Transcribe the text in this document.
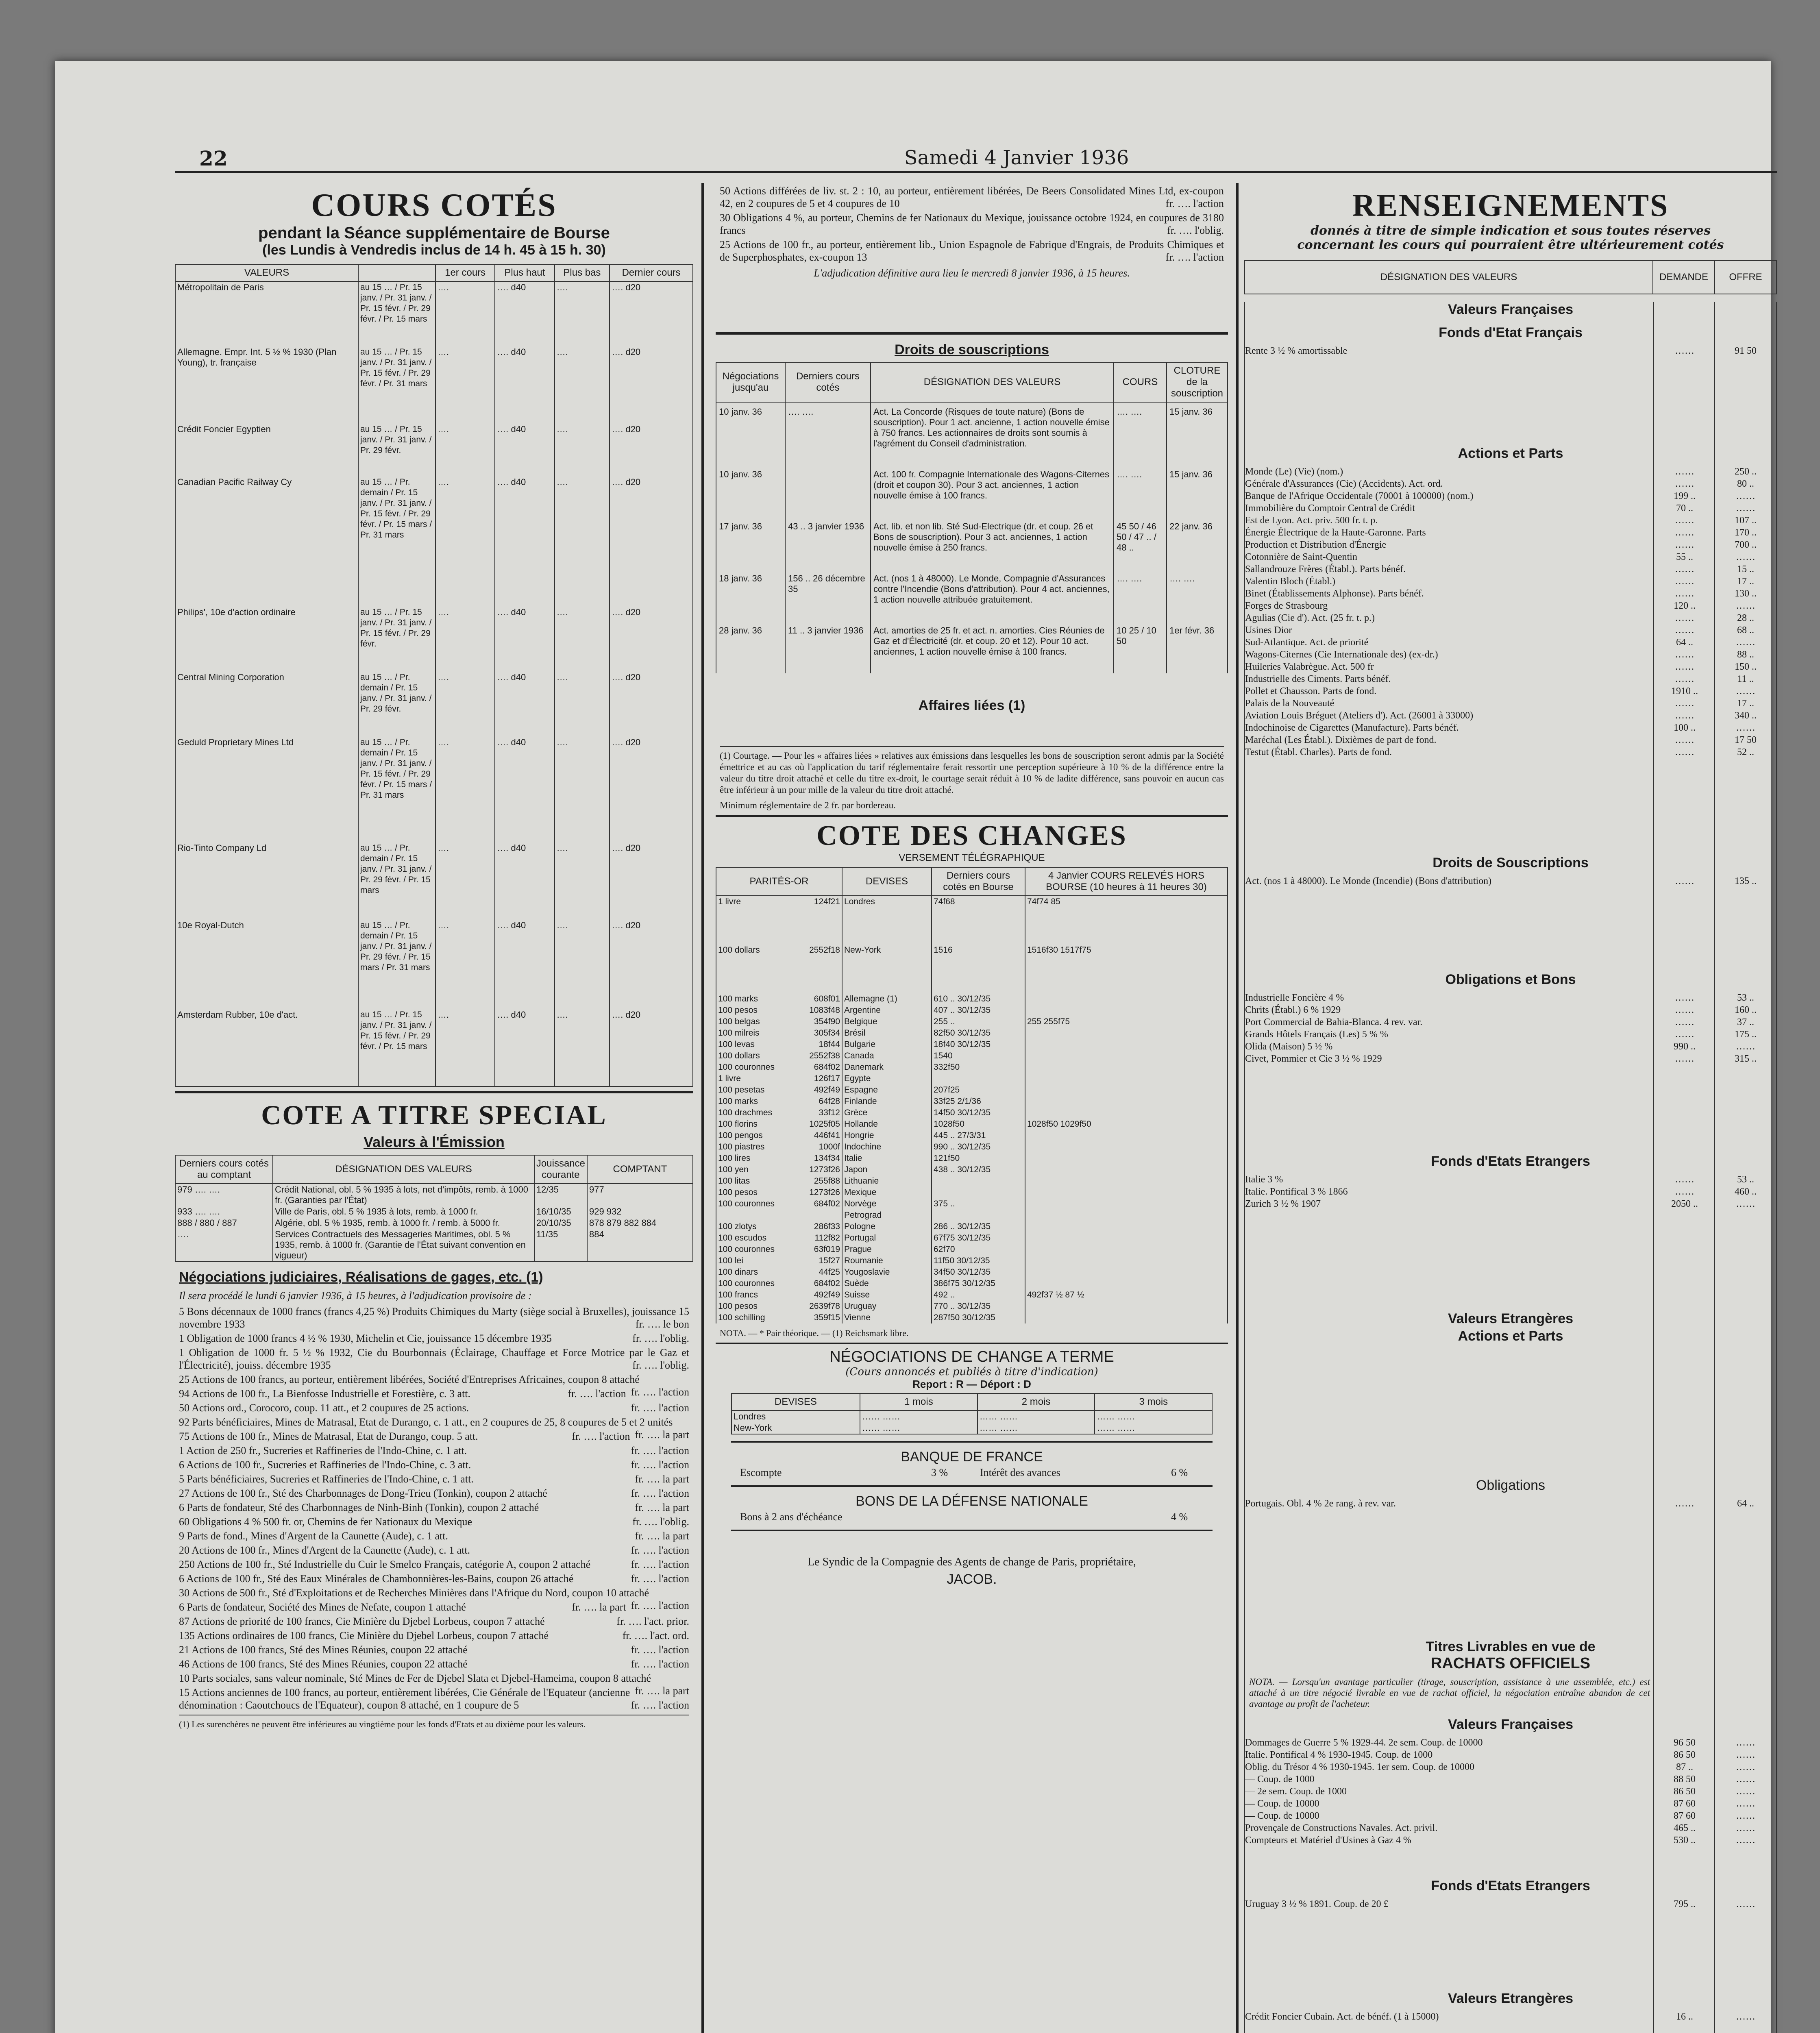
22	Samedi 4 Janvier 1936
COURS COTÉS
pendant la Séance supplémentaire de Bourse
(les Lundis à Vendredis inclus de 14 h. 45 à 15 h. 30)
VALEURS		1er cours	Plus haut	Plus bas	Dernier cours
Métropolitain de Paris	au 15 … / Pr. 15 janv. / Pr. 31 janv. / Pr. 15 févr. / Pr. 29 févr. / Pr. 15 mars	….	…. d40	….	…. d20
Allemagne. Empr. Int. 5 ½ % 1930 (Plan Young), tr. française	au 15 … / Pr. 15 janv. / Pr. 31 janv. / Pr. 15 févr. / Pr. 29 févr. / Pr. 31 mars	….	…. d40	….	…. d20
Crédit Foncier Egyptien	au 15 … / Pr. 15 janv. / Pr. 31 janv. / Pr. 29 févr.	….	…. d40	….	…. d20
Canadian Pacific Railway Cy	au 15 … / Pr. demain / Pr. 15 janv. / Pr. 31 janv. / Pr. 15 févr. / Pr. 29 févr. / Pr. 15 mars / Pr. 31 mars	….	…. d40	….	…. d20
Philips', 10e d'action ordinaire	au 15 … / Pr. 15 janv. / Pr. 31 janv. / Pr. 15 févr. / Pr. 29 févr.	….	…. d40	….	…. d20
Central Mining Corporation	au 15 … / Pr. demain / Pr. 15 janv. / Pr. 31 janv. / Pr. 29 févr.	….	…. d40	….	…. d20
Geduld Proprietary Mines Ltd	au 15 … / Pr. demain / Pr. 15 janv. / Pr. 31 janv. / Pr. 15 févr. / Pr. 29 févr. / Pr. 15 mars / Pr. 31 mars	….	…. d40	….	…. d20
Rio-Tinto Company Ld	au 15 … / Pr. demain / Pr. 15 janv. / Pr. 31 janv. / Pr. 29 févr. / Pr. 15 mars	….	…. d40	….	…. d20
10e Royal-Dutch	au 15 … / Pr. demain / Pr. 15 janv. / Pr. 31 janv. / Pr. 29 févr. / Pr. 15 mars / Pr. 31 mars	….	…. d40	….	…. d20
Amsterdam Rubber, 10e d'act.	au 15 … / Pr. 15 janv. / Pr. 31 janv. / Pr. 15 févr. / Pr. 29 févr. / Pr. 15 mars	….	…. d40	….	…. d20
COTE A TITRE SPECIAL
Valeurs à l'Émission
Derniers cours cotés au comptant	DÉSIGNATION DES VALEURS	Jouissance courante	COMPTANT
979 …. ….	Crédit National, obl. 5 % 1935 à lots, net d'impôts, remb. à 1000 fr. (Garanties par l'État)	12/35	977
933 …. ….	Ville de Paris, obl. 5 % 1935 à lots, remb. à 1000 fr.	16/10/35	929 932
888 / 880 / 887	Algérie, obl. 5 % 1935, remb. à 1000 fr. / remb. à 5000 fr.	20/10/35	878 879 882 884
….	Services Contractuels des Messageries Maritimes, obl. 5 % 1935, remb. à 1000 fr. (Garantie de l'État suivant convention en vigueur)	11/35	884
Négociations judiciaires, Réalisations de gages, etc. (1)
Il sera procédé le lundi 6 janvier 1936, à 15 heures, à l'adjudication provisoire de :
5 Bons décennaux de 1000 francs (francs 4,25 %) Produits Chimiques du Marty (siège social à Bruxelles), jouissance 15 novembre 1933	fr. …. le bon
1 Obligation de 1000 francs 4 ½ % 1930, Michelin et Cie, jouissance 15 décembre 1935	fr. …. l'oblig.
1 Obligation de 1000 fr. 5 ½ % 1932, Cie du Bourbonnais (Éclairage, Chauffage et Force Motrice par le Gaz et l'Électricité), jouiss. décembre 1935	fr. …. l'oblig.
25 Actions de 100 francs, au porteur, entièrement libérées, Société d'Entreprises Africaines, coupon 8 attaché
fr. …. l'action
94 Actions de 100 fr., La Bienfosse Industrielle et Forestière, c. 3 att.	fr. …. l'action
50 Actions ord., Corocoro, coup. 11 att., et 2 coupures de 25 actions.	fr. …. l'action
92 Parts bénéficiaires, Mines de Matrasal, Etat de Durango, c. 1 att., en 2 coupures de 25, 8 coupures de 5 et 2 unités
fr. …. la part
75 Actions de 100 fr., Mines de Matrasal, Etat de Durango, coup. 5 att.	fr. …. l'action
1 Action de 250 fr., Sucreries et Raffineries de l'Indo-Chine, c. 1 att.	fr. …. l'action
6 Actions de 100 fr., Sucreries et Raffineries de l'Indo-Chine, c. 3 att.	fr. …. l'action
5 Parts bénéficiaires, Sucreries et Raffineries de l'Indo-Chine, c. 1 att.	fr. …. la part
27 Actions de 100 fr., Sté des Charbonnages de Dong-Trieu (Tonkin), coupon 2 attaché	fr. …. l'action
6 Parts de fondateur, Sté des Charbonnages de Ninh-Binh (Tonkin), coupon 2 attaché	fr. …. la part
60 Obligations 4 % 500 fr. or, Chemins de fer Nationaux du Mexique	fr. …. l'oblig.
9 Parts de fond., Mines d'Argent de la Caunette (Aude), c. 1 att.	fr. …. la part
20 Actions de 100 fr., Mines d'Argent de la Caunette (Aude), c. 1 att.	fr. …. l'action
250 Actions de 100 fr., Sté Industrielle du Cuir le Smelco Français, catégorie A, coupon 2 attaché	fr. …. l'action
6 Actions de 100 fr., Sté des Eaux Minérales de Chambonnières-les-Bains, coupon 26 attaché	fr. …. l'action
30 Actions de 500 fr., Sté d'Exploitations et de Recherches Minières dans l'Afrique du Nord, coupon 10 attaché
fr. …. l'action
6 Parts de fondateur, Société des Mines de Nefate, coupon 1 attaché	fr. …. la part
87 Actions de priorité de 100 francs, Cie Minière du Djebel Lorbeus, coupon 7 attaché	fr. …. l'act. prior.
135 Actions ordinaires de 100 francs, Cie Minière du Djebel Lorbeus, coupon 7 attaché	fr. …. l'act. ord.
21 Actions de 100 francs, Sté des Mines Réunies, coupon 22 attaché	fr. …. l'action
46 Actions de 100 francs, Sté des Mines Réunies, coupon 22 attaché	fr. …. l'action
10 Parts sociales, sans valeur nominale, Sté Mines de Fer de Djebel Slata et Djebel-Hameima, coupon 8 attaché
fr. …. la part
15 Actions anciennes de 100 francs, au porteur, entièrement libérées, Cie Générale de l'Equateur (ancienne dénomination : Caoutchoucs de l'Equateur), coupon 8 attaché, en 1 coupure de 5	fr. …. l'action
(1) Les surenchères ne peuvent être inférieures au vingtième pour les fonds d'Etats et au dixième pour les valeurs.
50 Actions différées de liv. st. 2 : 10, au porteur, entièrement libérées, De Beers Consolidated Mines Ltd, ex-coupon 42, en 2 coupures de 5 et 4 coupures de 10	fr. …. l'action
30 Obligations 4 %, au porteur, Chemins de fer Nationaux du Mexique, jouissance octobre 1924, en coupures de 3180 francs	fr. …. l'oblig.
25 Actions de 100 fr., au porteur, entièrement lib., Union Espagnole de Fabrique d'Engrais, de Produits Chimiques et de Superphosphates, ex-coupon 13	fr. …. l'action
L'adjudication définitive aura lieu le mercredi 8 janvier 1936, à 15 heures.
Droits de souscriptions
Négociations jusqu'au	Derniers cours cotés	DÉSIGNATION DES VALEURS	COURS	CLOTURE de la souscription
10 janv. 36	…. ….	Act. La Concorde (Risques de toute nature) (Bons de souscription). Pour 1 act. ancienne, 1 action nouvelle émise à 750 francs. Les actionnaires de droits sont soumis à l'agrément du Conseil d'administration.	…. ….	15 janv. 36
10 janv. 36		Act. 100 fr. Compagnie Internationale des Wagons-Citernes (droit et coupon 30). Pour 3 act. anciennes, 1 action nouvelle émise à 100 francs.	…. ….	15 janv. 36
17 janv. 36	43 .. 3 janvier 1936	Act. lib. et non lib. Sté Sud-Electrique (dr. et coup. 26 et Bons de souscription). Pour 3 act. anciennes, 1 action nouvelle émise à 250 francs.	45 50 / 46 50 / 47 .. / 48 ..	22 janv. 36
18 janv. 36	156 .. 26 décembre 35	Act. (nos 1 à 48000). Le Monde, Compagnie d'Assurances contre l'Incendie (Bons d'attribution). Pour 4 act. anciennes, 1 action nouvelle attribuée gratuitement.	…. ….	…. ….
28 janv. 36	11 .. 3 janvier 1936	Act. amorties de 25 fr. et act. n. amorties. Cies Réunies de Gaz et d'Électricité (dr. et coup. 20 et 12). Pour 10 act. anciennes, 1 action nouvelle émise à 100 francs.	10 25 / 10 50	1er févr. 36
Affaires liées (1)
(1) Courtage. — Pour les « affaires liées » relatives aux émissions dans lesquelles les bons de souscription seront admis par la Société émettrice et au cas où l'application du tarif réglementaire ferait ressortir une perception supérieure à 10 % de la différence entre la valeur du titre droit attaché et celle du titre ex-droit, le courtage serait réduit à 10 % de ladite différence, sans pouvoir en aucun cas être inférieur à un pour mille de la valeur du titre droit attaché.
Minimum réglementaire de 2 fr. par bordereau.
COTE DES CHANGES
VERSEMENT TÉLÉGRAPHIQUE
PARITÉS-OR	DEVISES	Derniers cours cotés en Bourse	4 Janvier COURS RELEVÉS HORS BOURSE (10 heures à 11 heures 30)
1 livre 124f21	Londres	74f68	74f74 85
100 dollars 2552f18	New-York	1516	1516f30 1517f75
100 marks 608f01	Allemagne (1)	610 .. 30/12/35	
100 pesos 1083f48	Argentine	407 .. 30/12/35	
100 belgas 354f90	Belgique	255 ..	255 255f75
100 milreis 305f34	Brésil	82f50 30/12/35	
100 levas 18f44	Bulgarie	18f40 30/12/35	
100 dollars 2552f38	Canada	1540	
100 couronnes 684f02	Danemark	332f50	
1 livre 126f17	Egypte		
100 pesetas 492f49	Espagne	207f25	
100 marks 64f28	Finlande	33f25 2/1/36	
100 drachmes 33f12	Grèce	14f50 30/12/35	
100 florins 1025f05	Hollande	1028f50	1028f50 1029f50
100 pengos 446f41	Hongrie	445 .. 27/3/31	
100 piastres 1000f	Indochine	990 .. 30/12/35	
100 lires 134f34	Italie	121f50	
100 yen 1273f26	Japon	438 .. 30/12/35	
100 litas 255f88	Lithuanie		
100 pesos 1273f26	Mexique		
100 couronnes 684f02	Norvège	375 ..	

	Petrograd		
100 zlotys 286f33	Pologne	286 .. 30/12/35	
100 escudos 112f82	Portugal	67f75 30/12/35	
100 couronnes 63f019	Prague	62f70	
100 lei 15f27	Roumanie	11f50 30/12/35	
100 dinars 44f25	Yougoslavie	34f50 30/12/35	
100 couronnes 684f02	Suède	386f75 30/12/35	
100 francs 492f49	Suisse	492 ..	492f37 ½ 87 ½
100 pesos 2639f78	Uruguay	770 .. 30/12/35	
100 schilling 359f15	Vienne	287f50 30/12/35	
NOTA. — * Pair théorique. — (1) Reichsmark libre.
NÉGOCIATIONS DE CHANGE A TERME
(Cours annoncés et publiés à titre d'indication)
Report : R — Déport : D
DEVISES	1 mois	2 mois	3 mois
Londres	…… ……	…… ……	…… ……
New-York	…… ……	…… ……	…… ……
BANQUE DE FRANCE
Escompte	3 %	Intérêt des avances	6 %
BONS DE LA DÉFENSE NATIONALE
Bons à 2 ans d'échéance	4 %
Le Syndic de la Compagnie des Agents de change de Paris, propriétaire,
JACOB.
RENSEIGNEMENTS
donnés à titre de simple indication et sous toutes réserves
concernant les cours qui pourraient être ultérieurement cotés
DÉSIGNATION DES VALEURS	DEMANDE	OFFRE
Valeurs Françaises
Fonds d'Etat Français
Rente 3 ½ % amortissable	……	91 50
Actions et Parts
Monde (Le) (Vie) (nom.)	……	250 ..
Générale d'Assurances (Cie) (Accidents). Act. ord.	……	80 ..
Banque de l'Afrique Occidentale (70001 à 100000) (nom.)	199 ..	……
Immobilière du Comptoir Central de Crédit	70 ..	……
Est de Lyon. Act. priv. 500 fr. t. p.	……	107 ..
Énergie Électrique de la Haute-Garonne. Parts	……	170 ..
Production et Distribution d'Énergie	……	700 ..
Cotonnière de Saint-Quentin	55 ..	……
Sallandrouze Frères (Établ.). Parts bénéf.	……	15 ..
Valentin Bloch (Établ.)	……	17 ..
Binet (Établissements Alphonse). Parts bénéf.	……	130 ..
Forges de Strasbourg	120 ..	……
Agulias (Cie d'). Act. (25 fr. t. p.)	……	28 ..
Usines Dior	……	68 ..
Sud-Atlantique. Act. de priorité	64 ..	……
Wagons-Citernes (Cie Internationale des) (ex-dr.)	……	88 ..
Huileries Valabrègue. Act. 500 fr	……	150 ..
Industrielle des Ciments. Parts bénéf.	……	11 ..
Pollet et Chausson. Parts de fond.	1910 ..	……
Palais de la Nouveauté	……	17 ..
Aviation Louis Bréguet (Ateliers d'). Act. (26001 à 33000)	……	340 ..
Indochinoise de Cigarettes (Manufacture). Parts bénéf.	100 ..	……
Maréchal (Les Établ.). Dixièmes de part de fond.	……	17 50
Testut (Établ. Charles). Parts de fond.	……	52 ..
Droits de Souscriptions
Act. (nos 1 à 48000). Le Monde (Incendie) (Bons d'attribution)	……	135 ..
Obligations et Bons
Industrielle Foncière 4 %	……	53 ..
Chrits (Établ.) 6 % 1929	……	160 ..
Port Commercial de Bahia-Blanca. 4 rev. var.	……	37 ..
Grands Hôtels Français (Les) 5 % %	……	175 ..
Olida (Maison) 5 ½ %	990 ..	……
Civet, Pommier et Cie 3 ½ % 1929	……	315 ..
Fonds d'Etats Etrangers
Italie 3 %	……	53 ..
Italie. Pontifical 3 % 1866	……	460 ..
Zurich 3 ½ % 1907	2050 ..	……
Valeurs Etrangères
Actions et Parts
Obligations
Portugais. Obl. 4 % 2e rang. à rev. var.	……	64 ..
Titres Livrables en vue de
RACHATS OFFICIELS
NOTA. — Lorsqu'un avantage particulier (tirage, souscription, assistance à une assemblée, etc.) est attaché à un titre négocié livrable en vue de rachat officiel, la négociation entraîne abandon de cet avantage au profit de l'acheteur.
Valeurs Françaises
Dommages de Guerre 5 % 1929-44. 2e sem. Coup. de 10000	96 50	……
Italie. Pontifical 4 % 1930-1945. Coup. de 1000	86 50	……
Oblig. du Trésor 4 % 1930-1945. 1er sem. Coup. de 10000	87 ..	……
— Coup. de 1000	88 50	……
— 2e sem. Coup. de 1000	86 50	……
— Coup. de 10000	87 60	……
— Coup. de 10000	87 60	……
Provençale de Constructions Navales. Act. privil.	465 ..	……
Compteurs et Matériel d'Usines à Gaz 4 %	530 ..	……
Fonds d'Etats Etrangers
Uruguay 3 ½ % 1891. Coup. de 20 £	795 ..	……
Valeurs Etrangères
Crédit Foncier Cubain. Act. de bénéf. (1 à 15000)	16 ..	……
